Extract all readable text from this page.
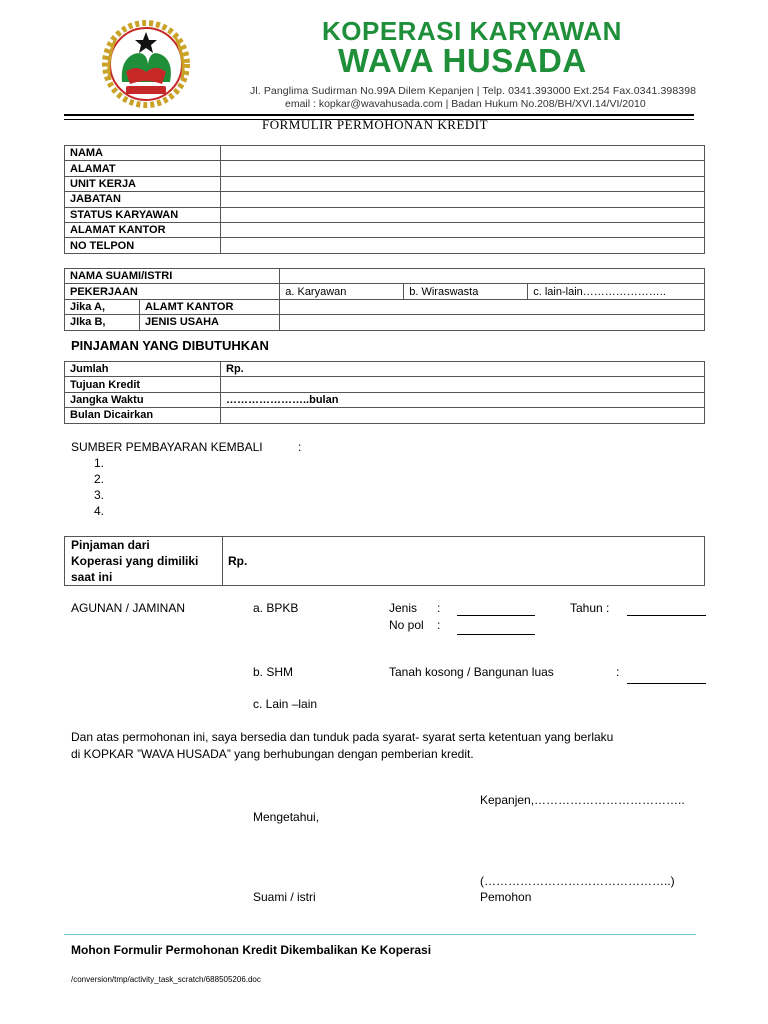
KOPERASI KARYAWAN
WAVA HUSADA
Jl. Panglima Sudirman No.99A Dilem Kepanjen | Telp. 0341.393000 Ext.254 Fax.0341.398398
email : kopkar@wavahusada.com | Badan Hukum No.208/BH/XVI.14/VI/2010
FORMULIR PERMOHONAN KREDIT
NAMA	
ALAMAT	
UNIT KERJA	
JABATAN	
STATUS KARYAWAN	
ALAMAT KANTOR	
NO TELPON	
NAMA SUAMI/ISTRI				
PEKERJAAN		a. Karyawan	b. Wiraswasta	c. lain-lain…………………..
Jika A,	ALAMT KANTOR			
JIka B,	JENIS USAHA			
PINJAMAN YANG DIBUTUHKAN
Jumlah	Rp.
Tujuan Kredit	
Jangka Waktu	…………………..bulan
Bulan Dicairkan	
SUMBER PEMBAYARAN KEMBALI	:
1.
2.
3.
4.
Pinjaman dari
Koperasi yang dimiliki
saat ini
	Rp.
AGUNAN / JAMINAN	a. BPKB	Jenis :	Tahun :
No pol :
b. SHM	Tanah kosong / Bangunan luas	:
c. Lain –lain
Dan atas permohonan ini, saya bersedia dan tunduk pada syarat- syarat serta ketentuan yang berlaku
di KOPKAR ”WAVA HUSADA” yang berhubungan dengan pemberian kredit.
Kepanjen,………………………………..
Mengetahui,
(………………………………………..)
Suami / istri	Pemohon
Mohon Formulir Permohonan Kredit Dikembalikan Ke Koperasi
/conversion/tmp/activity_task_scratch/688505206.doc
